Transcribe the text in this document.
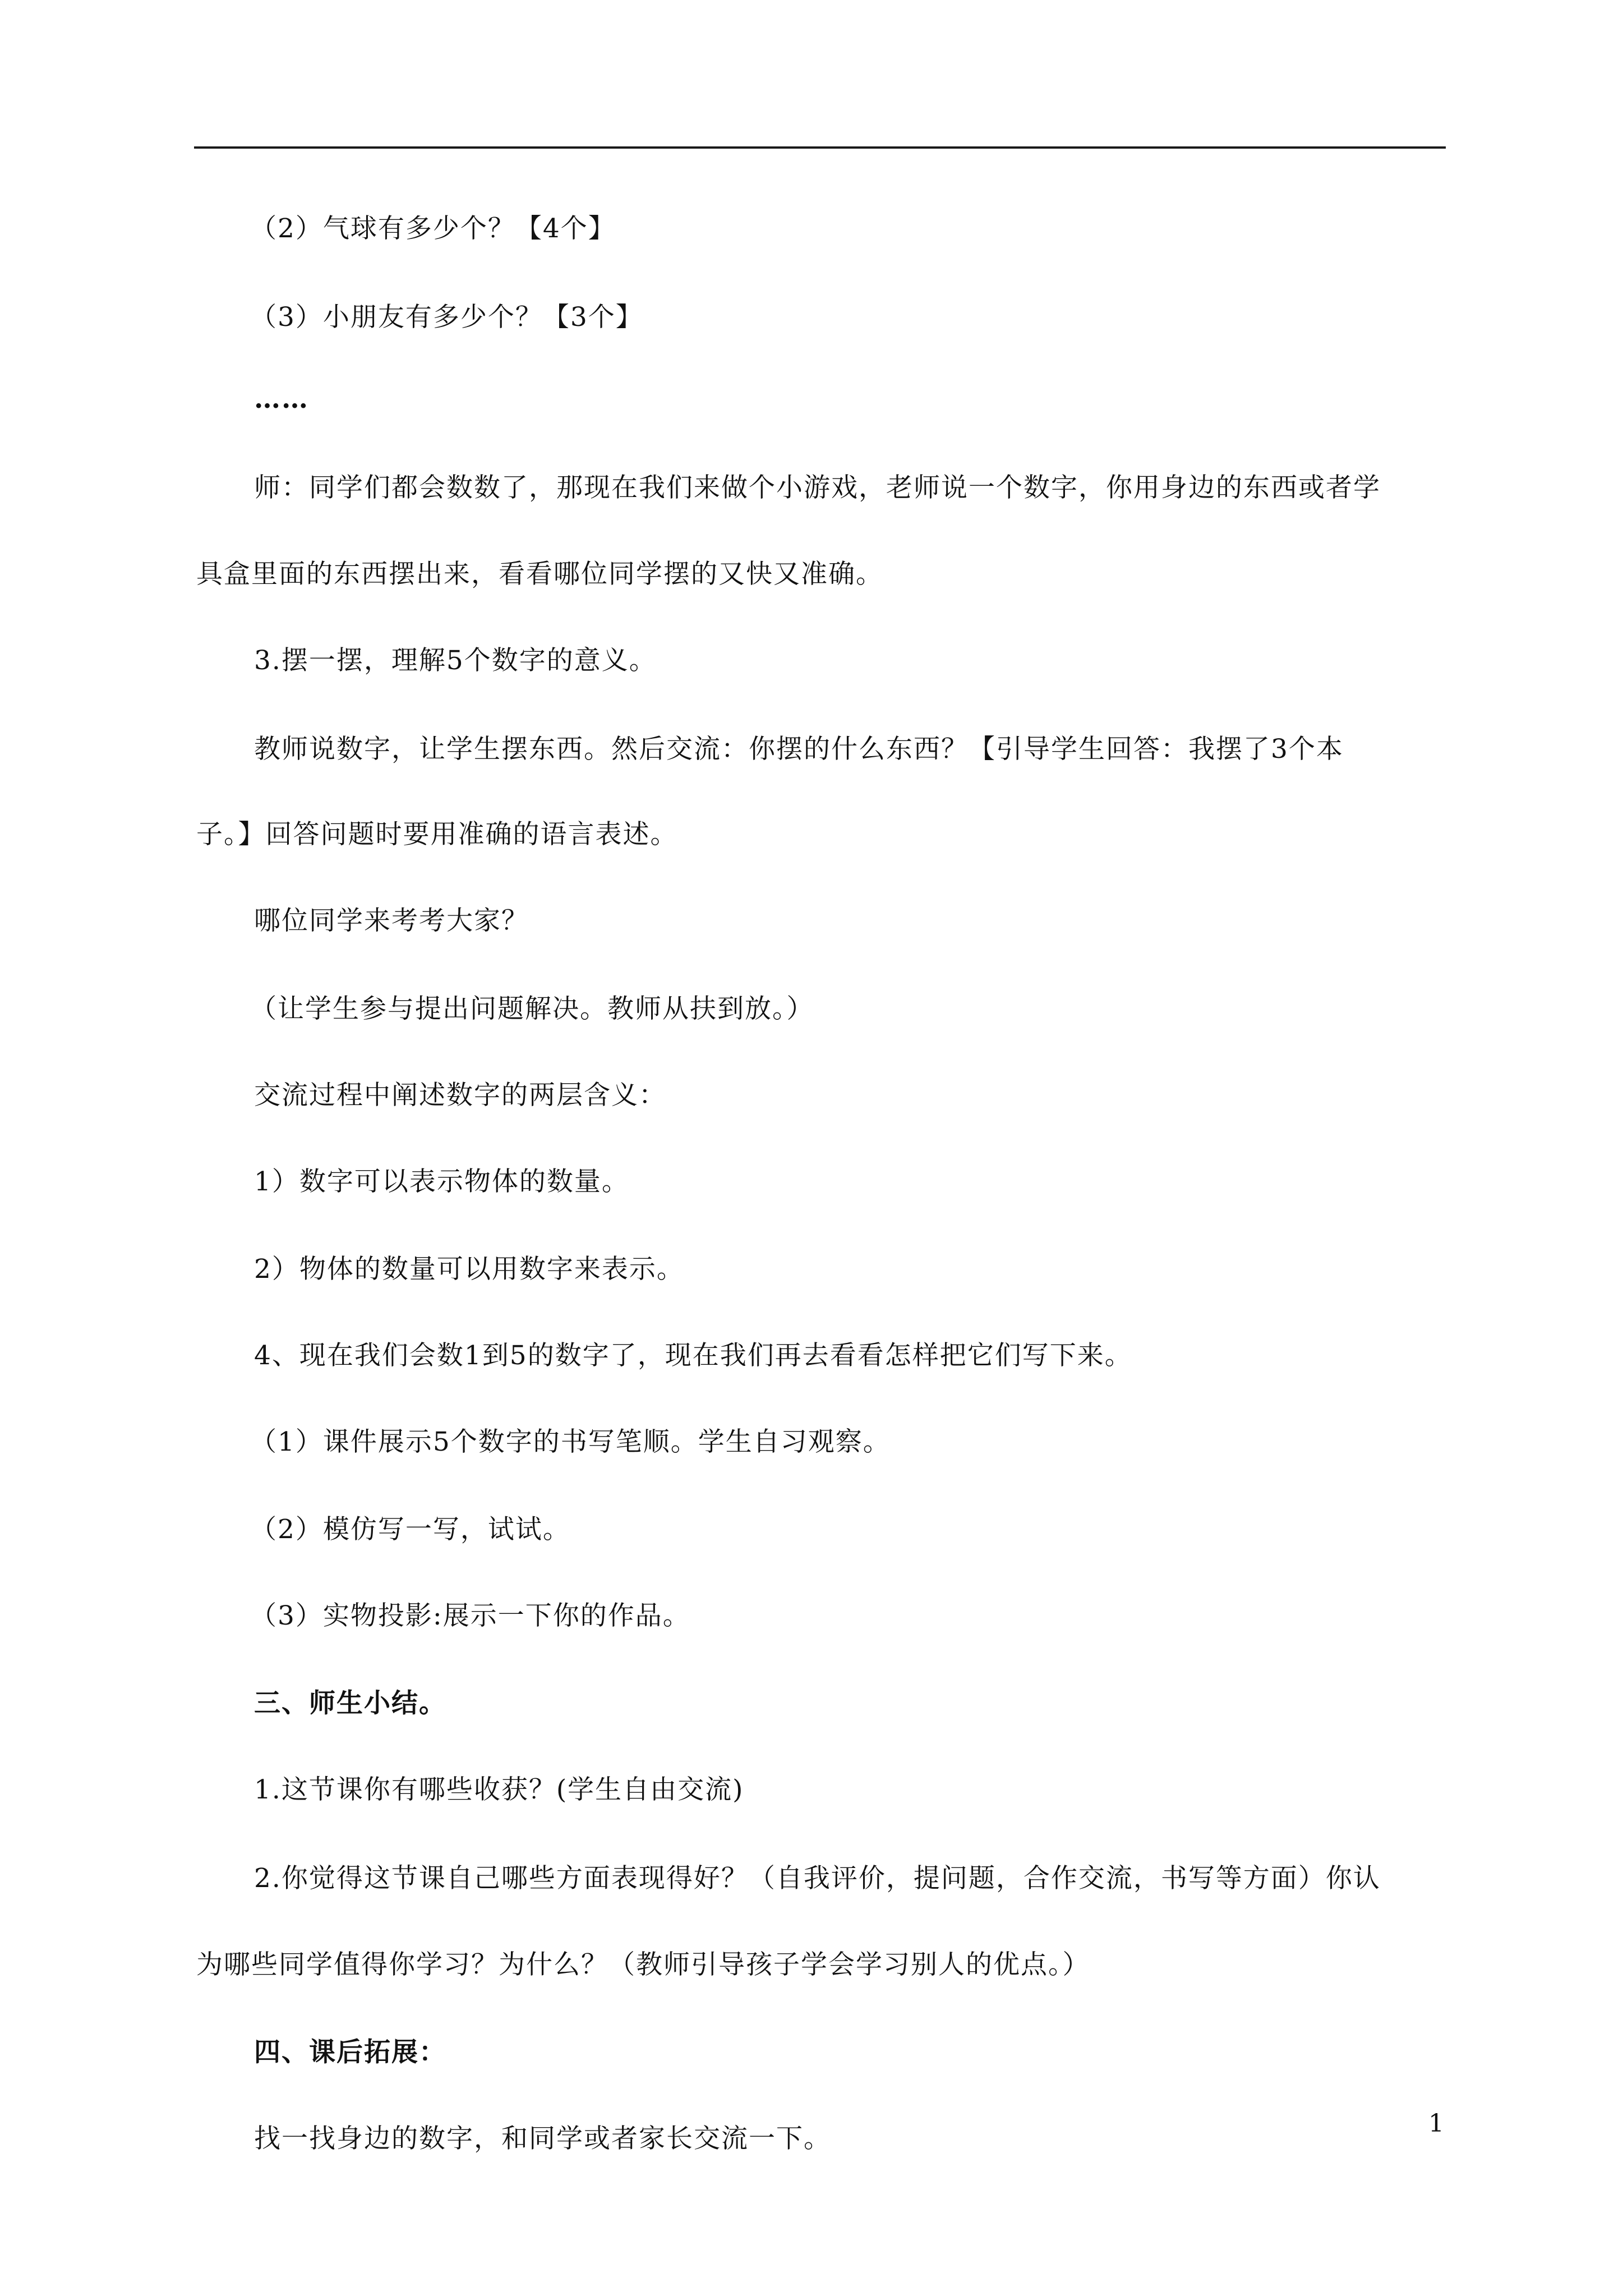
（2）气球有多少个？【4个】
（3）小朋友有多少个？【3个】
……
师：同学们都会数数了，那现在我们来做个小游戏，老师说一个数字，你用身边的东西或者学
具盒里面的东西摆出来，看看哪位同学摆的又快又准确。
3.摆一摆，理解5个数字的意义。
教师说数字，让学生摆东西。然后交流：你摆的什么东西？【引导学生回答：我摆了3个本
子。】回答问题时要用准确的语言表述。
哪位同学来考考大家？
（让学生参与提出问题解决。教师从扶到放。）
交流过程中阐述数字的两层含义：
1）数字可以表示物体的数量。
2）物体的数量可以用数字来表示。
4、现在我们会数1到5的数字了，现在我们再去看看怎样把它们写下来。
（1）课件展示5个数字的书写笔顺。学生自习观察。
（2）模仿写一写，试试。
（3）实物投影:展示一下你的作品。
三、师生小结。
1.这节课你有哪些收获？(学生自由交流)
2.你觉得这节课自己哪些方面表现得好？（自我评价，提问题，合作交流，书写等方面）你认
为哪些同学值得你学习？为什么？（教师引导孩子学会学习别人的优点。）
四、课后拓展：
找一找身边的数字，和同学或者家长交流一下。	1
